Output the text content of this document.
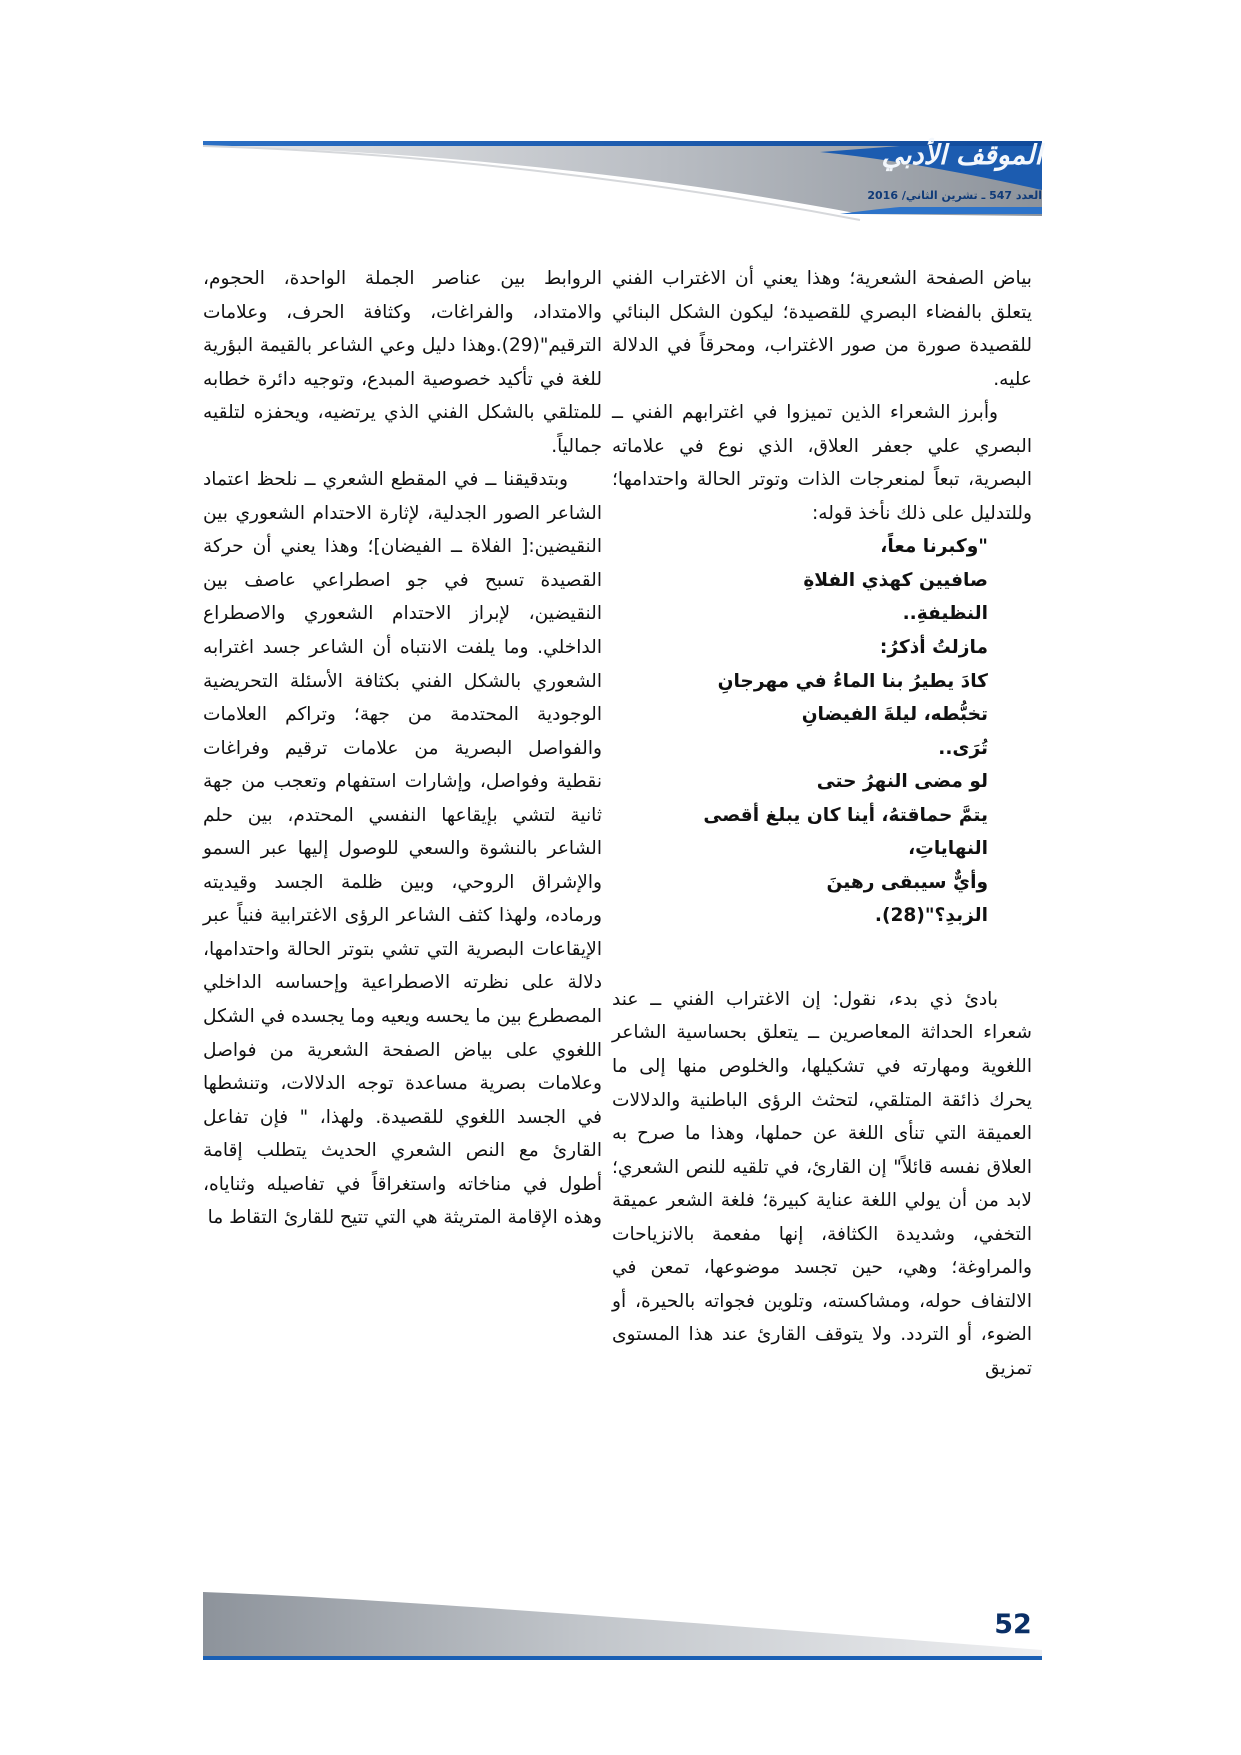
الموقف الأدبي
العدد 547 ـ تشرين الثاني/ 2016

بياض الصفحة الشعرية؛ وهذا يعني أن الاغتراب الفني يتعلق بالفضاء البصري للقصيدة؛ ليكون الشكل البنائي للقصيدة صورة من صور الاغتراب، ومحرقاً في الدلالة عليه.

وأبرز الشعراء الذين تميزوا في اغترابهم الفني ــ البصري علي جعفر العلاق، الذي نوع في علاماته البصرية، تبعاً لمنعرجات الذات وتوتر الحالة واحتدامها؛ وللتدليل على ذلك نأخذ قوله:

"وكبرنا معاً،

صافيين كهذي الفلاةِ

النظيفةِ..

مازلتُ أذكرُ:

كادَ يطيرُ بنا الماءُ في مهرجانِ

تخبُّطه، ليلةَ الفيضانِ

تُرَى..

لو مضى النهرُ حتى

يتمَّ حماقتهُ، أينا كان يبلغ أقصى

النهاياتِ،

وأيٌّ سيبقى رهينَ

الزبدِ؟"(28).

بادئ ذي بدء، نقول: إن الاغتراب الفني ــ عند شعراء الحداثة المعاصرين ــ يتعلق بحساسية الشاعر اللغوية ومهارته في تشكيلها، والخلوص منها إلى ما يحرك ذائقة المتلقي، لتحثث الرؤى الباطنية والدلالات العميقة التي تنأى اللغة عن حملها، وهذا ما صرح به العلاق نفسه قائلاً" إن القارئ، في تلقيه للنص الشعري؛ لابد من أن يولي اللغة عناية كبيرة؛ فلغة الشعر عميقة التخفي، وشديدة الكثافة، إنها مفعمة بالانزياحات والمراوغة؛ وهي، حين تجسد موضوعها، تمعن في الالتفاف حوله، ومشاكسته، وتلوين فجواته بالحيرة، أو الضوء، أو التردد. ولا يتوقف القارئ عند هذا المستوى تمزيق

الروابط بين عناصر الجملة الواحدة، الحجوم، والامتداد، والفراغات، وكثافة الحرف، وعلامات الترقيم"(29).وهذا دليل وعي الشاعر بالقيمة البؤرية للغة في تأكيد خصوصية المبدع، وتوجيه دائرة خطابه للمتلقي بالشكل الفني الذي يرتضيه، ويحفزه لتلقيه جمالياً.

وبتدقيقنا ــ في المقطع الشعري ــ نلحظ اعتماد الشاعر الصور الجدلية، لإثارة الاحتدام الشعوري بين النقيضين:[ الفلاة ــ الفيضان]؛ وهذا يعني أن حركة القصيدة تسبح في جو اصطراعي عاصف بين النقيضين، لإبراز الاحتدام الشعوري والاصطراع الداخلي. وما يلفت الانتباه أن الشاعر جسد اغترابه الشعوري بالشكل الفني بكثافة الأسئلة التحريضية الوجودية المحتدمة من جهة؛ وتراكم العلامات والفواصل البصرية من علامات ترقيم وفراغات نقطية وفواصل، وإشارات استفهام وتعجب من جهة ثانية لتشي بإيقاعها النفسي المحتدم، بين حلم الشاعر بالنشوة والسعي للوصول إليها عبر السمو والإشراق الروحي، وبين ظلمة الجسد وقيديته ورماده، ولهذا كثف الشاعر الرؤى الاغترابية فنياً عبر الإيقاعات البصرية التي تشي بتوتر الحالة واحتدامها، دلالة على نظرته الاصطراعية وإحساسه الداخلي المصطرع بين ما يحسه ويعيه وما يجسده في الشكل اللغوي على بياض الصفحة الشعرية من فواصل وعلامات بصرية مساعدة توجه الدلالات، وتنشطها في الجسد اللغوي للقصيدة. ولهذا، " فإن تفاعل القارئ مع النص الشعري الحديث يتطلب إقامة أطول في مناخاته واستغراقاً في تفاصيله وثناياه، وهذه الإقامة المتريثة هي التي تتيح للقارئ التقاط ما

52
